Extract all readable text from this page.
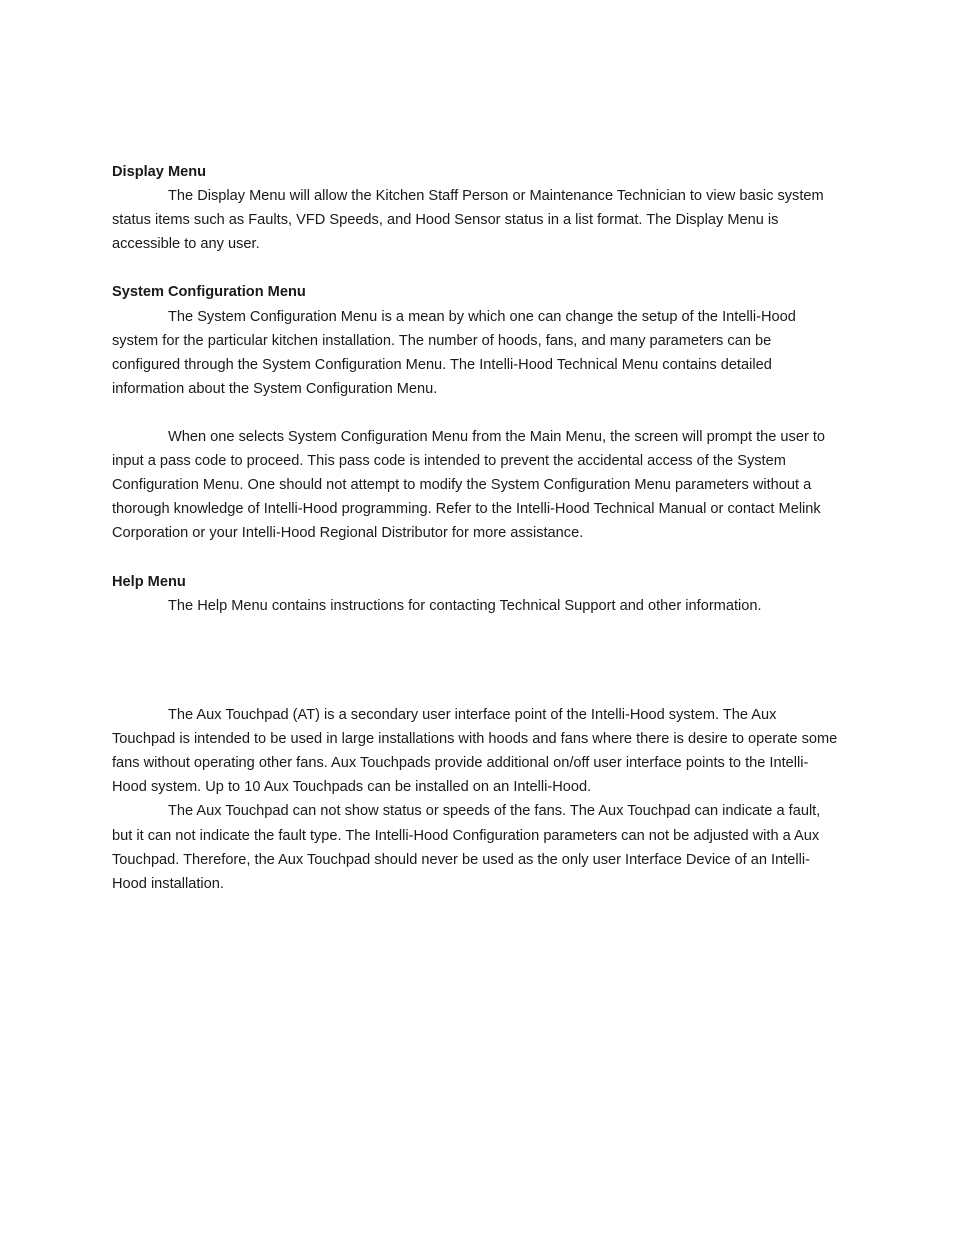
Display Menu

The Display Menu will allow the Kitchen Staff Person or Maintenance Technician to view basic system status items such as Faults, VFD Speeds, and Hood Sensor status in a list format. The Display Menu is accessible to any user.

System Configuration Menu

The System Configuration Menu is a mean by which one can change the setup of the Intelli-Hood system for the particular kitchen installation. The number of hoods, fans, and many parameters can be configured through the System Configuration Menu. The Intelli-Hood Technical Menu contains detailed information about the System Configuration Menu.

When one selects System Configuration Menu from the Main Menu, the screen will prompt the user to input a pass code to proceed. This pass code is intended to prevent the accidental access of the System Configuration Menu. One should not attempt to modify the System Configuration Menu parameters without a thorough knowledge of Intelli-Hood programming. Refer to the Intelli-Hood Technical Manual or contact Melink Corporation or your Intelli-Hood Regional Distributor for more assistance.

Help Menu

The Help Menu contains instructions for contacting Technical Support and other information.

The Aux Touchpad (AT) is a secondary user interface point of the Intelli-Hood system. The Aux Touchpad is intended to be used in large installations with hoods and fans where there is desire to operate some fans without operating other fans. Aux Touchpads provide additional on/off user interface points to the Intelli-Hood system. Up to 10 Aux Touchpads can be installed on an Intelli-Hood.

The Aux Touchpad can not show status or speeds of the fans. The Aux Touchpad can indicate a fault, but it can not indicate the fault type. The Intelli-Hood Configuration parameters can not be adjusted with a Aux Touchpad. Therefore, the Aux Touchpad should never be used as the only user Interface Device of an Intelli-Hood installation.
